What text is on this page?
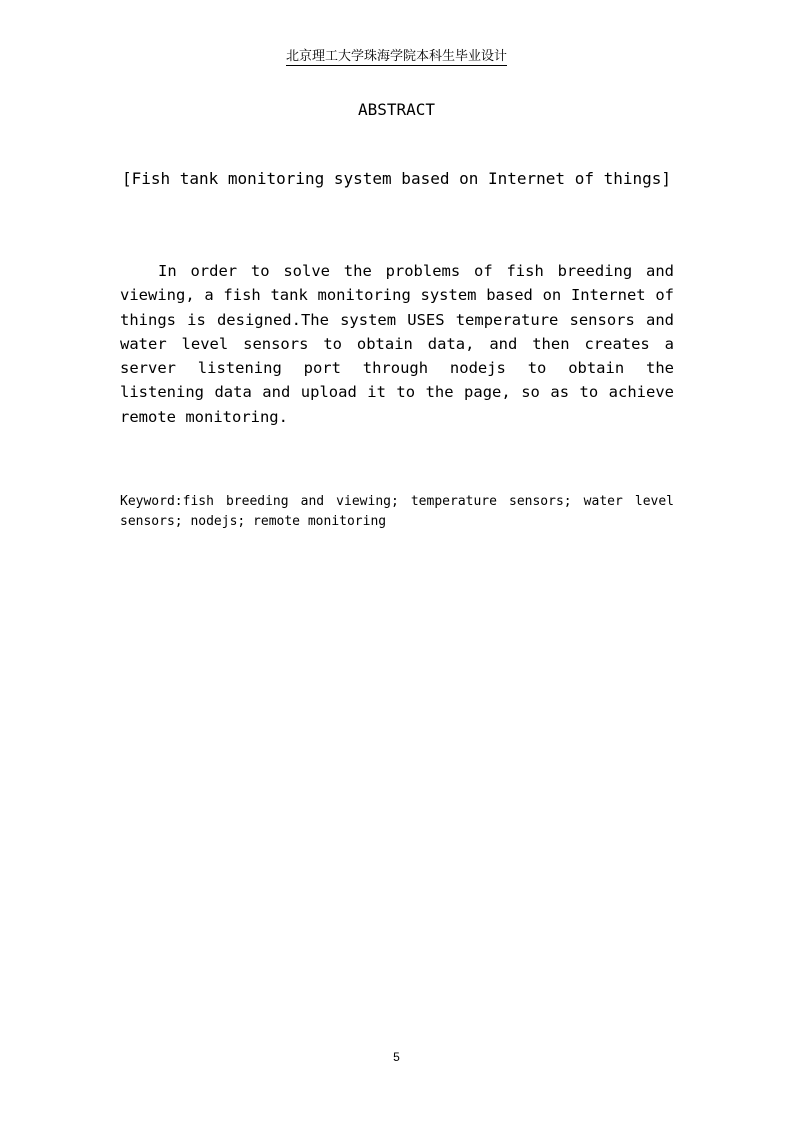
北京理工大学珠海学院本科生毕业设计
ABSTRACT
[Fish tank monitoring system based on Internet of things]

In order to solve the problems of fish breeding and viewing, a fish tank monitoring system based on Internet of things is designed.The system USES temperature sensors and water level sensors to obtain data, and then creates a server listening port through nodejs to obtain the listening data and upload it to the page, so as to achieve remote monitoring.

Keyword:fish breeding and viewing; temperature sensors; water level sensors; nodejs; remote monitoring

5
